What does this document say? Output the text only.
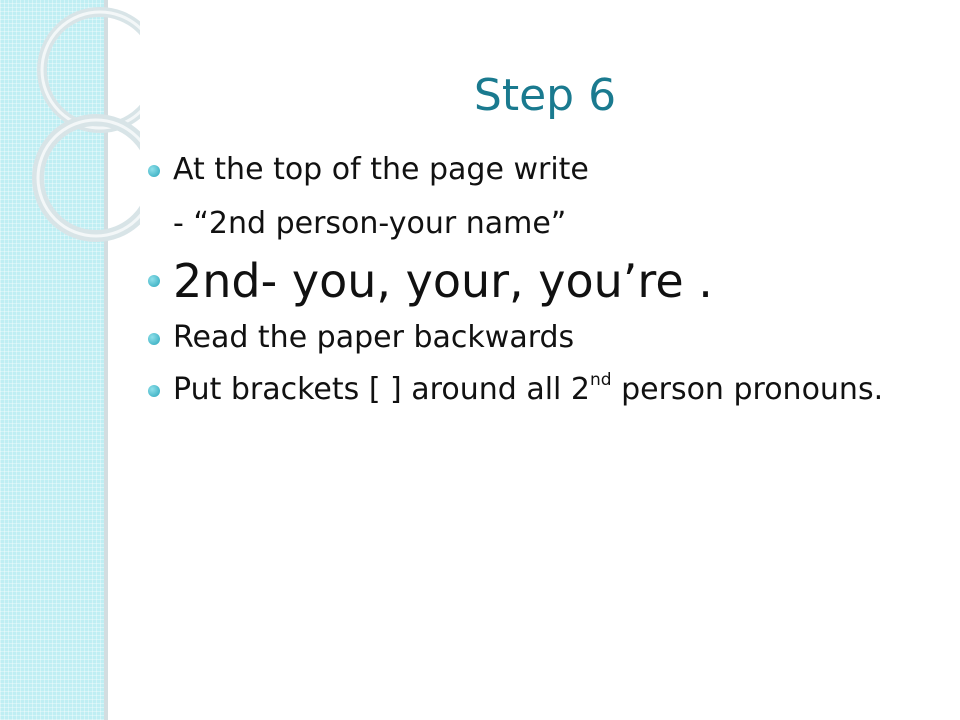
Step 6
At the top of the page write
- “2nd person-your name”
2nd- you, your, you’re .
Read the paper backwards
Put brackets [ ] around all 2nd person pronouns.
